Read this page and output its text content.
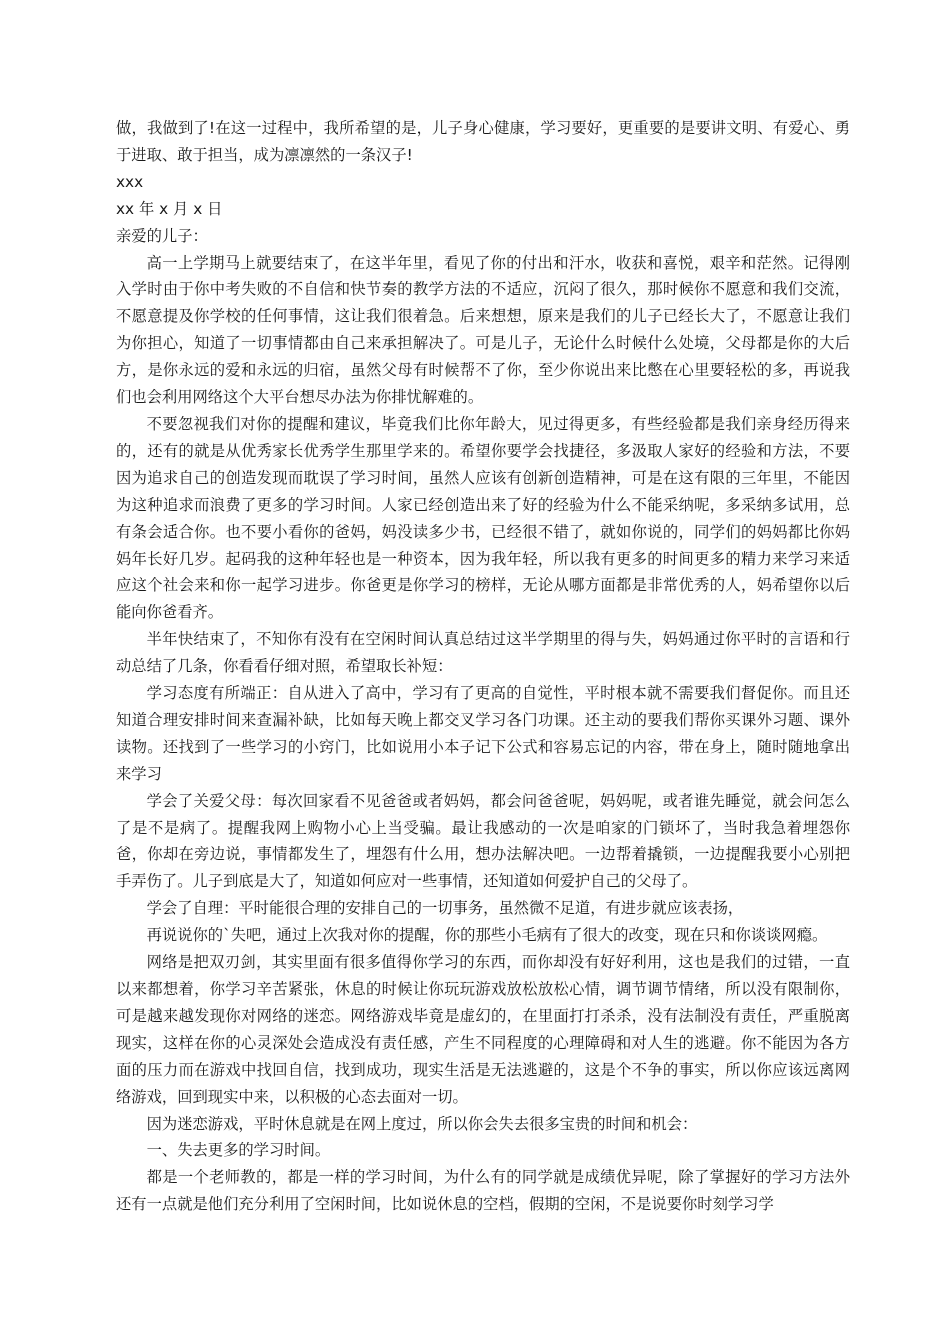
做，我做到了!在这一过程中，我所希望的是，儿子身心健康，学习要好，更重要的是要讲文明、有爱心、勇于进取、敢于担当，成为凛凛然的一条汉子!

xxx

xx 年 x 月 x 日

亲爱的儿子：

高一上学期马上就要结束了，在这半年里，看见了你的付出和汗水，收获和喜悦，艰辛和茫然。记得刚入学时由于你中考失败的不自信和快节奏的教学方法的不适应，沉闷了很久，那时候你不愿意和我们交流，不愿意提及你学校的任何事情，这让我们很着急。后来想想，原来是我们的儿子已经长大了，不愿意让我们为你担心，知道了一切事情都由自己来承担解决了。可是儿子，无论什么时候什么处境，父母都是你的大后方，是你永远的爱和永远的归宿，虽然父母有时候帮不了你，至少你说出来比憋在心里要轻松的多，再说我们也会利用网络这个大平台想尽办法为你排忧解难的。

不要忽视我们对你的提醒和建议，毕竟我们比你年龄大，见过得更多，有些经验都是我们亲身经历得来的，还有的就是从优秀家长优秀学生那里学来的。希望你要学会找捷径，多汲取人家好的经验和方法，不要因为追求自己的创造发现而耽误了学习时间，虽然人应该有创新创造精神，可是在这有限的三年里，不能因为这种追求而浪费了更多的学习时间。人家已经创造出来了好的经验为什么不能采纳呢，多采纳多试用，总有条会适合你。也不要小看你的爸妈，妈没读多少书，已经很不错了，就如你说的，同学们的妈妈都比你妈妈年长好几岁。起码我的这种年轻也是一种资本，因为我年轻，所以我有更多的时间更多的精力来学习来适应这个社会来和你一起学习进步。你爸更是你学习的榜样，无论从哪方面都是非常优秀的人，妈希望你以后能向你爸看齐。

半年快结束了，不知你有没有在空闲时间认真总结过这半学期里的得与失，妈妈通过你平时的言语和行动总结了几条，你看看仔细对照，希望取长补短：

学习态度有所端正：自从进入了高中，学习有了更高的自觉性，平时根本就不需要我们督促你。而且还知道合理安排时间来查漏补缺，比如每天晚上都交叉学习各门功课。还主动的要我们帮你买课外习题、课外读物。还找到了一些学习的小窍门，比如说用小本子记下公式和容易忘记的内容，带在身上，随时随地拿出来学习

学会了关爱父母：每次回家看不见爸爸或者妈妈，都会问爸爸呢，妈妈呢，或者谁先睡觉，就会问怎么了是不是病了。提醒我网上购物小心上当受骗。最让我感动的一次是咱家的门锁坏了，当时我急着埋怨你爸，你却在旁边说，事情都发生了，埋怨有什么用，想办法解决吧。一边帮着撬锁，一边提醒我要小心别把手弄伤了。儿子到底是大了，知道如何应对一些事情，还知道如何爱护自己的父母了。

学会了自理：平时能很合理的安排自己的一切事务，虽然微不足道，有进步就应该表扬，

再说说你的`失吧，通过上次我对你的提醒，你的那些小毛病有了很大的改变，现在只和你谈谈网瘾。

网络是把双刃剑，其实里面有很多值得你学习的东西，而你却没有好好利用，这也是我们的过错，一直以来都想着，你学习辛苦紧张，休息的时候让你玩玩游戏放松放松心情，调节调节情绪，所以没有限制你，可是越来越发现你对网络的迷恋。网络游戏毕竟是虚幻的，在里面打打杀杀，没有法制没有责任，严重脱离现实，这样在你的心灵深处会造成没有责任感，产生不同程度的心理障碍和对人生的逃避。你不能因为各方面的压力而在游戏中找回自信，找到成功，现实生活是无法逃避的，这是个不争的事实，所以你应该远离网络游戏，回到现实中来，以积极的心态去面对一切。

因为迷恋游戏，平时休息就是在网上度过，所以你会失去很多宝贵的时间和机会：

一、失去更多的学习时间。

都是一个老师教的，都是一样的学习时间，为什么有的同学就是成绩优异呢，除了掌握好的学习方法外还有一点就是他们充分利用了空闲时间，比如说休息的空档，假期的空闲，不是说要你时刻学习学
